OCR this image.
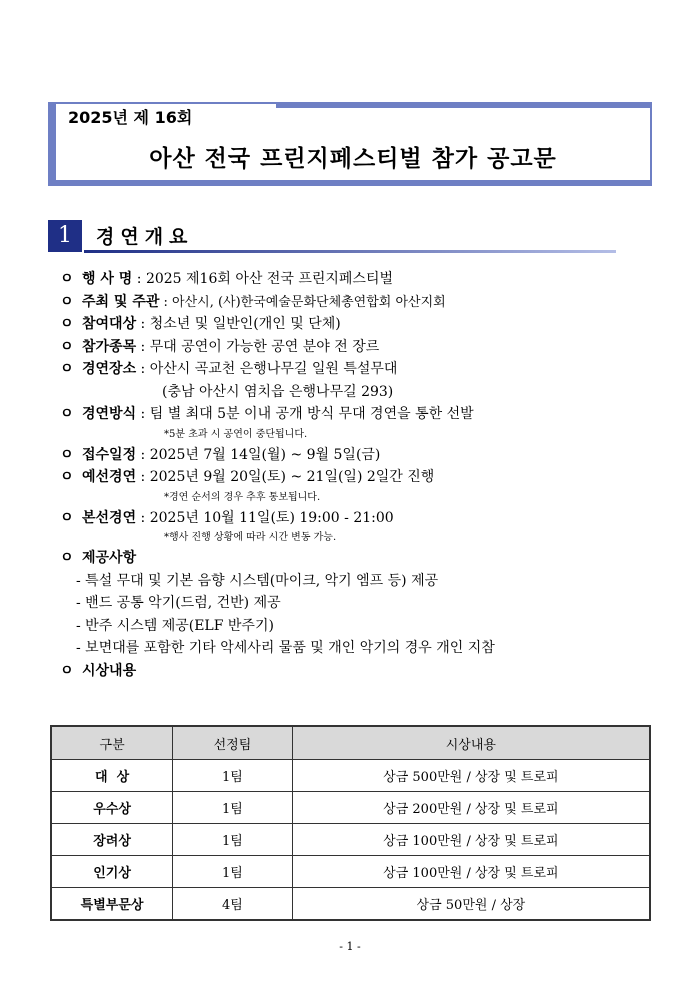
2025년 제 16회
아산 전국 프린지페스티벌 참가 공고문
1	경연개요
ㅇ 행 사 명 : 2025 제16회 아산 전국 프린지페스티벌
ㅇ 주최 및 주관 : 아산시, (사)한국예술문화단체총연합회 아산지회
ㅇ 참여대상 : 청소년 및 일반인(개인 및 단체)
ㅇ 참가종목 : 무대 공연이 가능한 공연 분야 전 장르
ㅇ 경연장소 : 아산시 곡교천 은행나무길 일원 특설무대
(충남 아산시 염치읍 은행나무길 293)
ㅇ 경연방식 : 팀 별 최대 5분 이내 공개 방식 무대 경연을 통한 선발
*5분 초과 시 공연이 중단됩니다.
ㅇ 접수일정 : 2025년 7월 14일(월) ~ 9월 5일(금)
ㅇ 예선경연 : 2025년 9월 20일(토) ~ 21일(일) 2일간 진행
*경연 순서의 경우 추후 통보됩니다.
ㅇ 본선경연 : 2025년 10월 11일(토) 19:00 - 21:00
*행사 진행 상황에 따라 시간 변동 가능.
ㅇ 제공사항
- 특설 무대 및 기본 음향 시스템(마이크, 악기 엠프 등) 제공
- 밴드 공통 악기(드럼, 건반) 제공
- 반주 시스템 제공(ELF 반주기)
- 보면대를 포함한 기타 악세사리 물품 및 개인 악기의 경우 개인 지참
ㅇ 시상내용
구분	선정팀	시상내용
대  상	1팀	상금 500만원 / 상장 및 트로피
우수상	1팀	상금 200만원 / 상장 및 트로피
장려상	1팀	상금 100만원 / 상장 및 트로피
인기상	1팀	상금 100만원 / 상장 및 트로피
특별부문상	4팀	상금 50만원 / 상장
- 1 -
